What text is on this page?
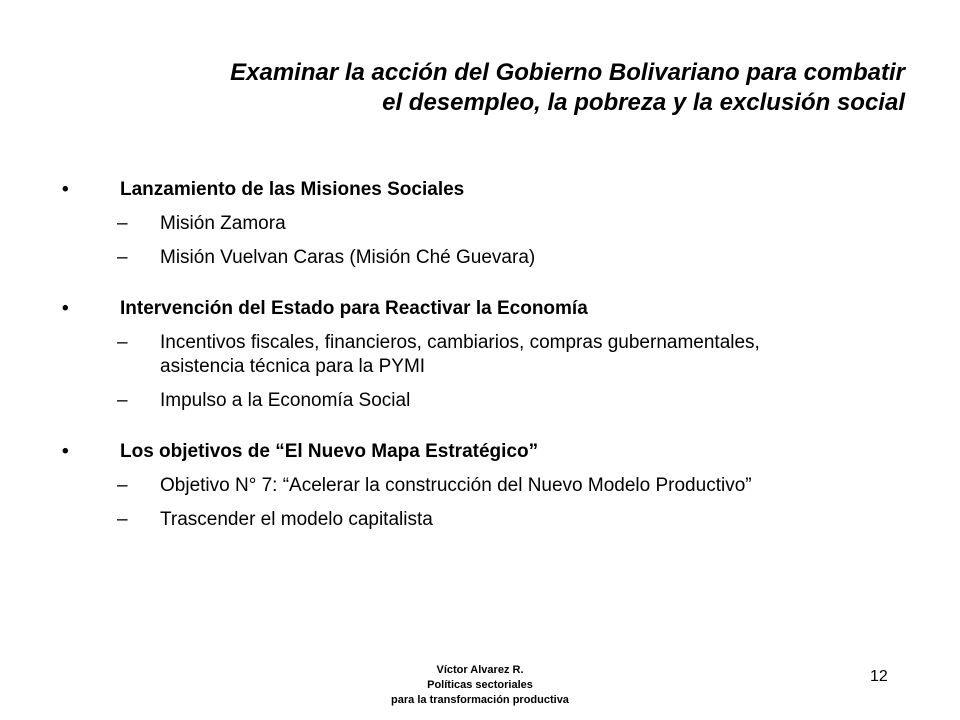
Examinar la acción del Gobierno Bolivariano para combatir
el desempleo, la pobreza y la exclusión social
•	Lanzamiento de las Misiones Sociales
– Misión Zamora
– Misión Vuelvan Caras (Misión Ché Guevara)
•	Intervención del Estado para Reactivar la Economía
– Incentivos fiscales, financieros, cambiarios, compras gubernamentales, asistencia técnica para la PYMI
– Impulso a la Economía Social
•	Los objetivos de “El Nuevo Mapa Estratégico”
– Objetivo N° 7: “Acelerar la construcción del Nuevo Modelo Productivo”
– Trascender el modelo capitalista
Víctor Alvarez R.
Políticas sectoriales
para la transformación productiva
12
